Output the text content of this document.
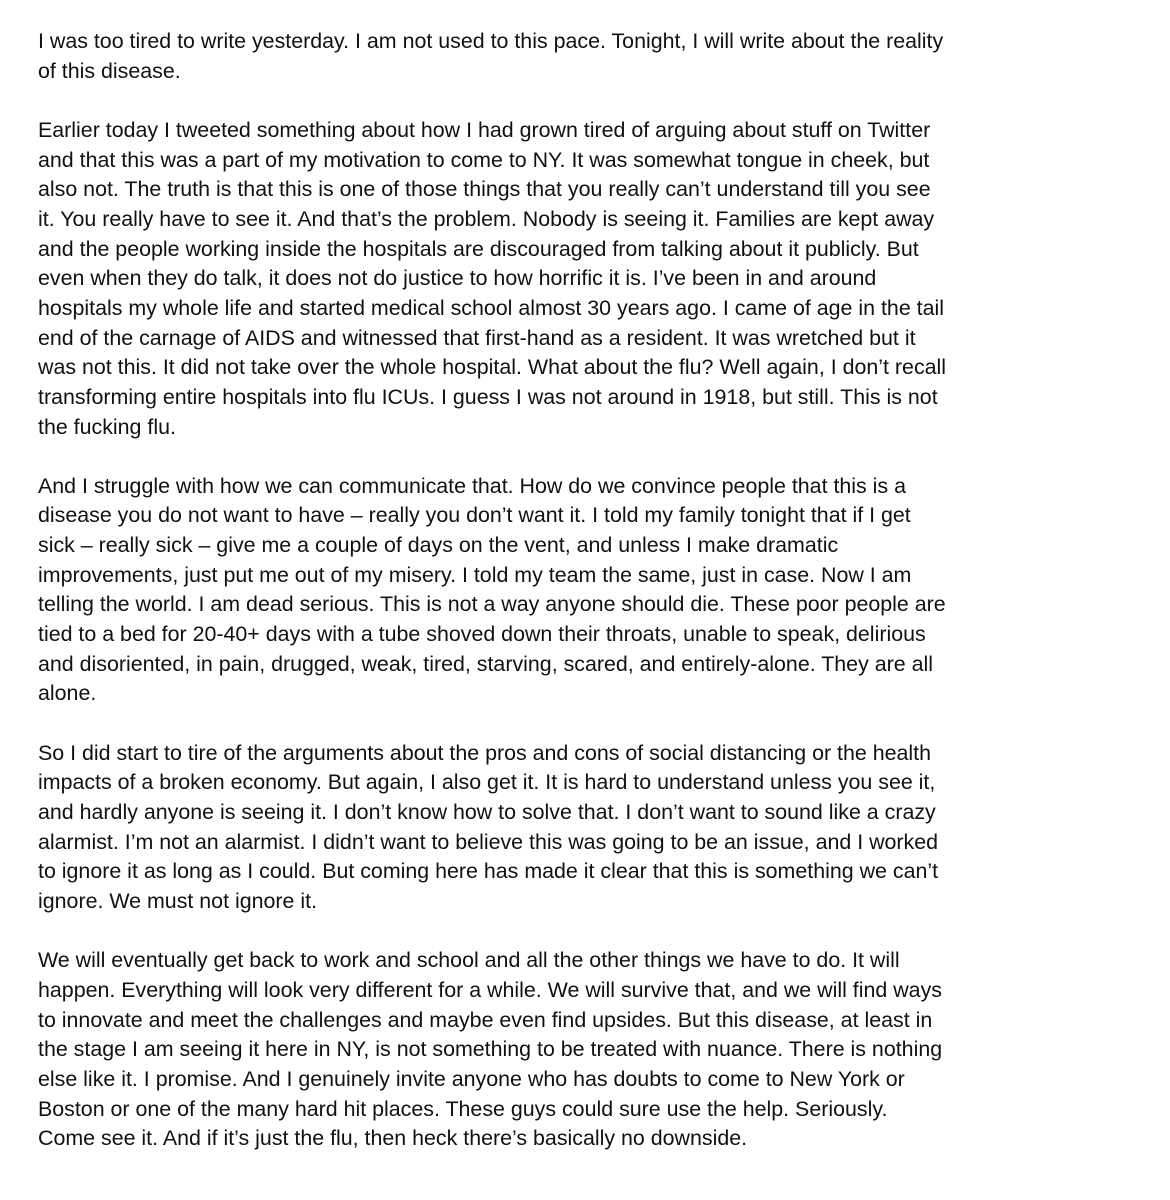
I was too tired to write yesterday. I am not used to this pace. Tonight, I will write about the reality
of this disease.
Earlier today I tweeted something about how I had grown tired of arguing about stuff on Twitter
and that this was a part of my motivation to come to NY. It was somewhat tongue in cheek, but
also not. The truth is that this is one of those things that you really can’t understand till you see
it. You really have to see it. And that’s the problem. Nobody is seeing it. Families are kept away
and the people working inside the hospitals are discouraged from talking about it publicly. But
even when they do talk, it does not do justice to how horrific it is. I’ve been in and around
hospitals my whole life and started medical school almost 30 years ago. I came of age in the tail
end of the carnage of AIDS and witnessed that first-hand as a resident. It was wretched but it
was not this. It did not take over the whole hospital. What about the flu? Well again, I don’t recall
transforming entire hospitals into flu ICUs. I guess I was not around in 1918, but still. This is not
the fucking flu.
And I struggle with how we can communicate that. How do we convince people that this is a
disease you do not want to have – really you don’t want it. I told my family tonight that if I get
sick – really sick – give me a couple of days on the vent, and unless I make dramatic
improvements, just put me out of my misery. I told my team the same, just in case. Now I am
telling the world. I am dead serious. This is not a way anyone should die. These poor people are
tied to a bed for 20-40+ days with a tube shoved down their throats, unable to speak, delirious
and disoriented, in pain, drugged, weak, tired, starving, scared, and entirely-alone. They are all
alone.
So I did start to tire of the arguments about the pros and cons of social distancing or the health
impacts of a broken economy. But again, I also get it. It is hard to understand unless you see it,
and hardly anyone is seeing it. I don’t know how to solve that. I don’t want to sound like a crazy
alarmist. I’m not an alarmist. I didn’t want to believe this was going to be an issue, and I worked
to ignore it as long as I could. But coming here has made it clear that this is something we can’t
ignore. We must not ignore it.
We will eventually get back to work and school and all the other things we have to do. It will
happen. Everything will look very different for a while. We will survive that, and we will find ways
to innovate and meet the challenges and maybe even find upsides. But this disease, at least in
the stage I am seeing it here in NY, is not something to be treated with nuance. There is nothing
else like it. I promise. And I genuinely invite anyone who has doubts to come to New York or
Boston or one of the many hard hit places. These guys could sure use the help. Seriously.
Come see it. And if it’s just the flu, then heck there’s basically no downside.
